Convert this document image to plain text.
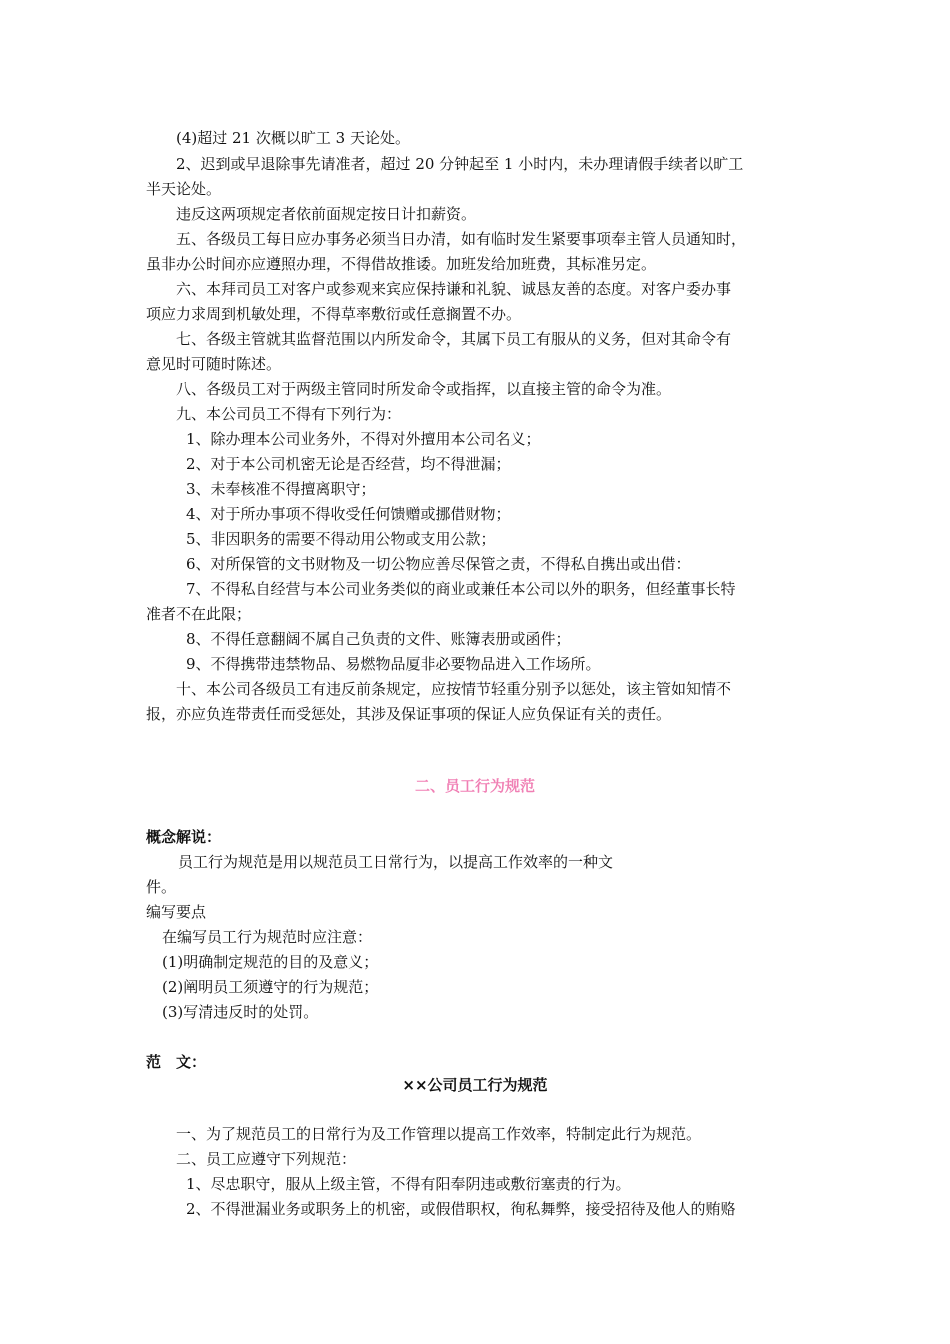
(4)超过 21 次概以旷工 3 天论处。
2、迟到或早退除事先请准者，超过 20 分钟起至 1 小时内，未办理请假手续者以旷工
半天论处。
违反这两项规定者依前面规定按日计扣薪资。
五、各级员工每日应办事务必须当日办清，如有临时发生紧要事项奉主管人员通知时，
虽非办公时间亦应遵照办理，不得借故推诿。加班发给加班费，其标准另定。
六、本拜司员工对客户或参观来宾应保持谦和礼貌、诚恳友善的态度。对客户委办事
项应力求周到机敏处理，不得草率敷衍或任意搁置不办。
七、各级主管就其监督范围以内所发命令，其属下员工有服从的义务，但对其命令有
意见时可随时陈述。
八、各级员工对于两级主管同时所发命令或指挥，以直接主管的命令为准。
九、本公司员工不得有下列行为：
1、除办理本公司业务外，不得对外擅用本公司名义；
2、对于本公司机密无论是否经营，均不得泄漏；
3、未奉核准不得擅离职守；
4、对于所办事项不得收受任何馈赠或挪借财物；
5、非因职务的需要不得动用公物或支用公款；
6、对所保管的文书财物及一切公物应善尽保管之责，不得私自携出或出借：
7、不得私自经营与本公司业务类似的商业或兼任本公司以外的职务，但经董事长特
准者不在此限；
8、不得任意翻阔不属自己负责的文件、账簿表册或函件；
9、不得携带违禁物品、易燃物品厦非必要物品进入工作场所。
十、本公司各级员工有违反前条规定，应按情节轻重分别予以惩处，该主管如知情不
报，亦应负连带责任而受惩处，其涉及保证事项的保证人应负保证有关的责任。
二、员工行为规范
概念解说：
员工行为规范是用以规范员工日常行为，以提高工作效率的一种文
件。
编写要点
在编写员工行为规范时应注意：
(1)明确制定规范的目的及意义；
(2)阐明员工须遵守的行为规范；
(3)写清违反时的处罚。
范　文：
××公司员工行为规范
一、为了规范员工的日常行为及工作管理以提高工作效率，特制定此行为规范。
二、员工应遵守下列规范：
1、尽忠职守，服从上级主管，不得有阳奉阴违或敷衍塞责的行为。
2、不得泄漏业务或职务上的机密，或假借职权，徇私舞弊，接受招待及他人的贿赂
